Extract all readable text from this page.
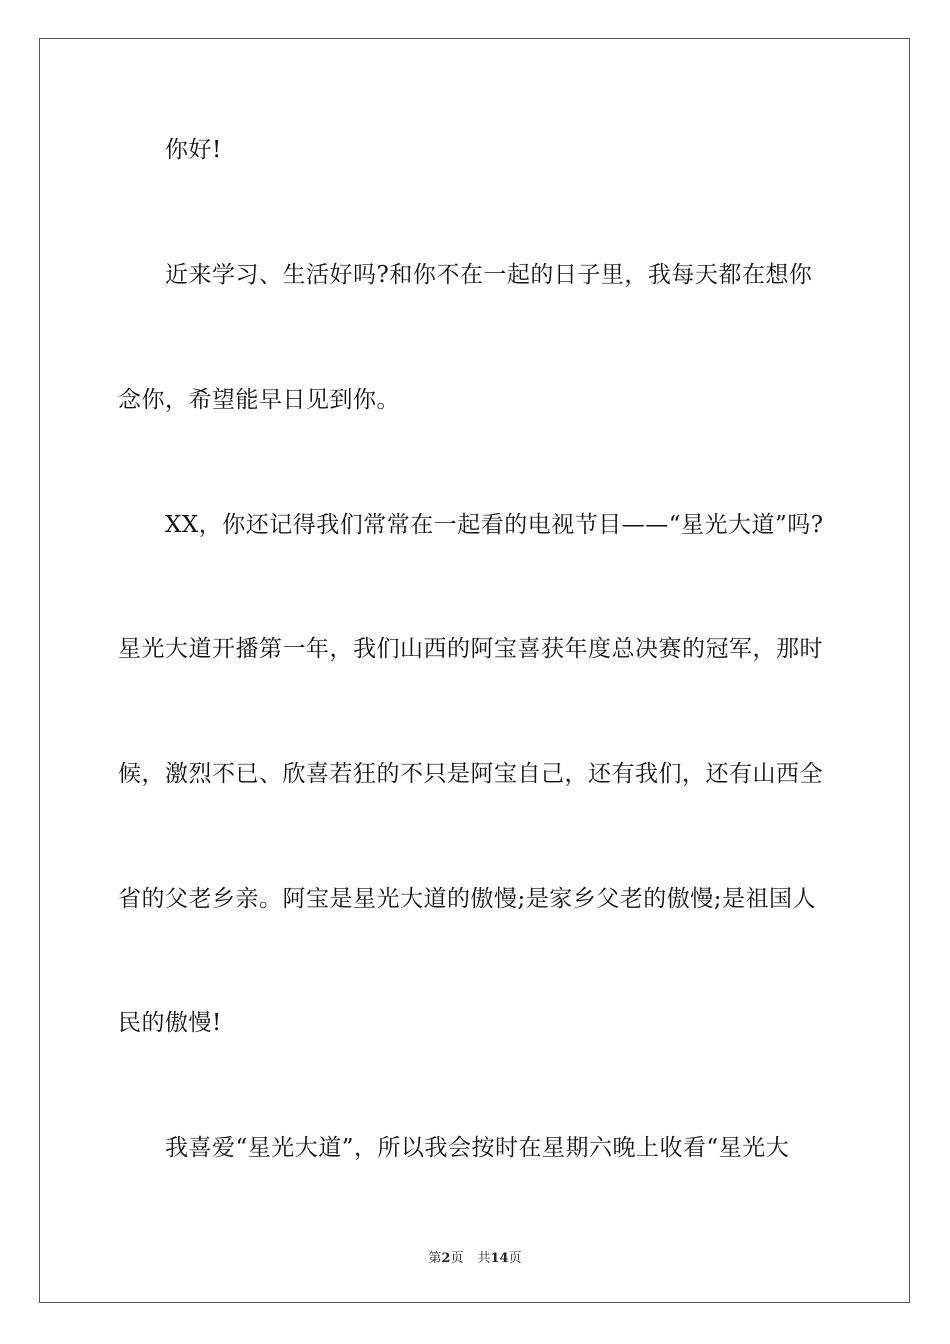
你好!
近来学习、生活好吗?和你不在一起的日子里，我每天都在想你
念你，希望能早日见到你。
XX，你还记得我们常常在一起看的电视节目——“星光大道”吗?
星光大道开播第一年，我们山西的阿宝喜获年度总决赛的冠军，那时
候，激烈不已、欣喜若狂的不只是阿宝自己，还有我们，还有山西全
省的父老乡亲。阿宝是星光大道的傲慢;是家乡父老的傲慢;是祖国人
民的傲慢!
我喜爱“星光大道”，所以我会按时在星期六晚上收看“星光大
第2页 共14页
